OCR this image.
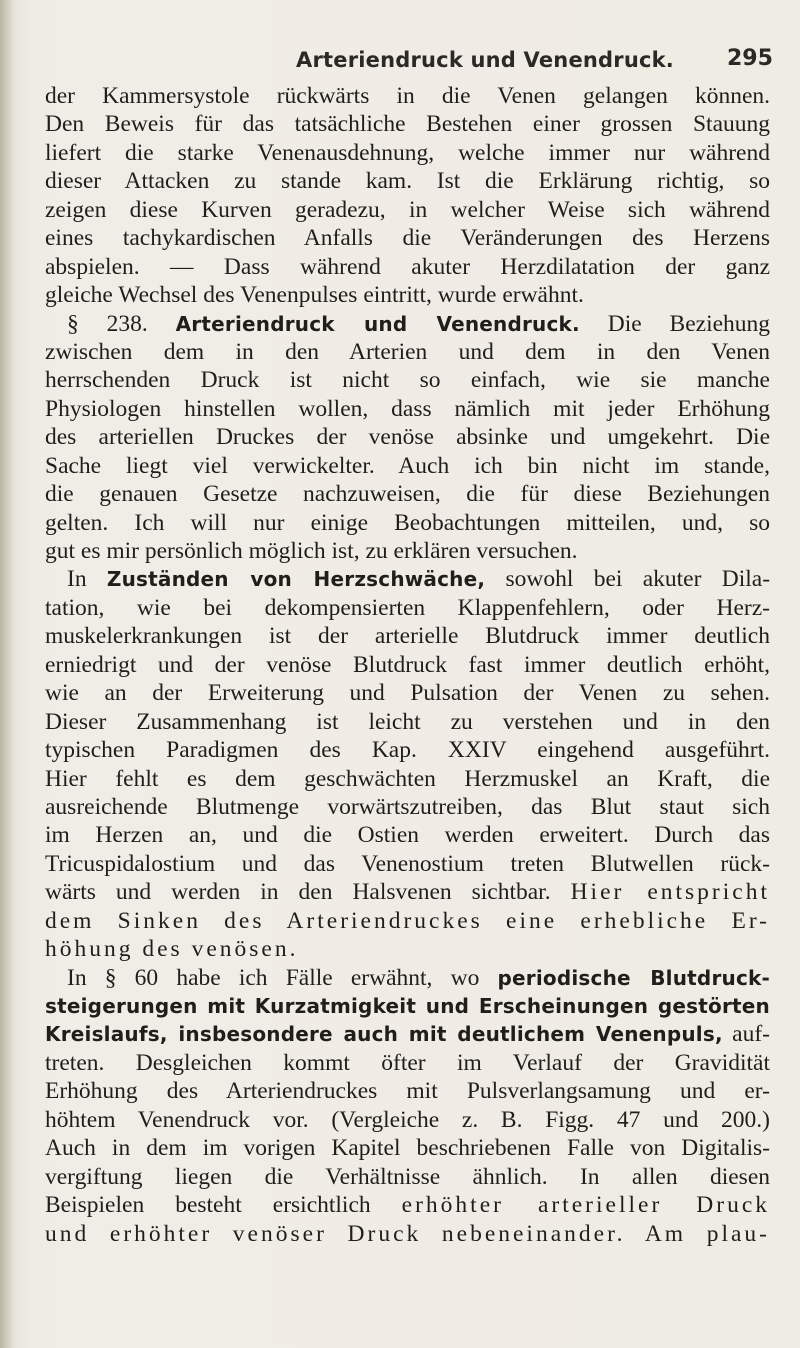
Arteriendruck und Venendruck. 295
der Kammersystole rückwärts in die Venen gelangen können.
Den Beweis für das tatsächliche Bestehen einer grossen Stauung
liefert die starke Venenausdehnung, welche immer nur während
dieser Attacken zu stande kam. Ist die Erklärung richtig, so
zeigen diese Kurven geradezu, in welcher Weise sich während
eines tachykardischen Anfalls die Veränderungen des Herzens
abspielen. — Dass während akuter Herzdilatation der ganz
gleiche Wechsel des Venenpulses eintritt, wurde erwähnt.
§ 238. Arteriendruck und Venendruck. Die Beziehung
zwischen dem in den Arterien und dem in den Venen
herrschenden Druck ist nicht so einfach, wie sie manche
Physiologen hinstellen wollen, dass nämlich mit jeder Erhöhung
des arteriellen Druckes der venöse absinke und umgekehrt. Die
Sache liegt viel verwickelter. Auch ich bin nicht im stande,
die genauen Gesetze nachzuweisen, die für diese Beziehungen
gelten. Ich will nur einige Beobachtungen mitteilen, und, so
gut es mir persönlich möglich ist, zu erklären versuchen.
In Zuständen von Herzschwäche, sowohl bei akuter Dila-
tation, wie bei dekompensierten Klappenfehlern, oder Herz-
muskelerkrankungen ist der arterielle Blutdruck immer deutlich
erniedrigt und der venöse Blutdruck fast immer deutlich erhöht,
wie an der Erweiterung und Pulsation der Venen zu sehen.
Dieser Zusammenhang ist leicht zu verstehen und in den
typischen Paradigmen des Kap. XXIV eingehend ausgeführt.
Hier fehlt es dem geschwächten Herzmuskel an Kraft, die
ausreichende Blutmenge vorwärtszutreiben, das Blut staut sich
im Herzen an, und die Ostien werden erweitert. Durch das
Tricuspidalostium und das Venenostium treten Blutwellen rück-
wärts und werden in den Halsvenen sichtbar. Hier entspricht
dem Sinken des Arteriendruckes eine erhebliche Er-
höhung des venösen.
In § 60 habe ich Fälle erwähnt, wo periodische Blutdruck-
steigerungen mit Kurzatmigkeit und Erscheinungen gestörten
Kreislaufs, insbesondere auch mit deutlichem Venenpuls, auf-
treten. Desgleichen kommt öfter im Verlauf der Gravidität
Erhöhung des Arteriendruckes mit Pulsverlangsamung und er-
höhtem Venendruck vor. (Vergleiche z. B. Figg. 47 und 200.)
Auch in dem im vorigen Kapitel beschriebenen Falle von Digitalis-
vergiftung liegen die Verhältnisse ähnlich. In allen diesen
Beispielen besteht ersichtlich erhöhter arterieller Druck
und erhöhter venöser Druck nebeneinander. Am plau-
